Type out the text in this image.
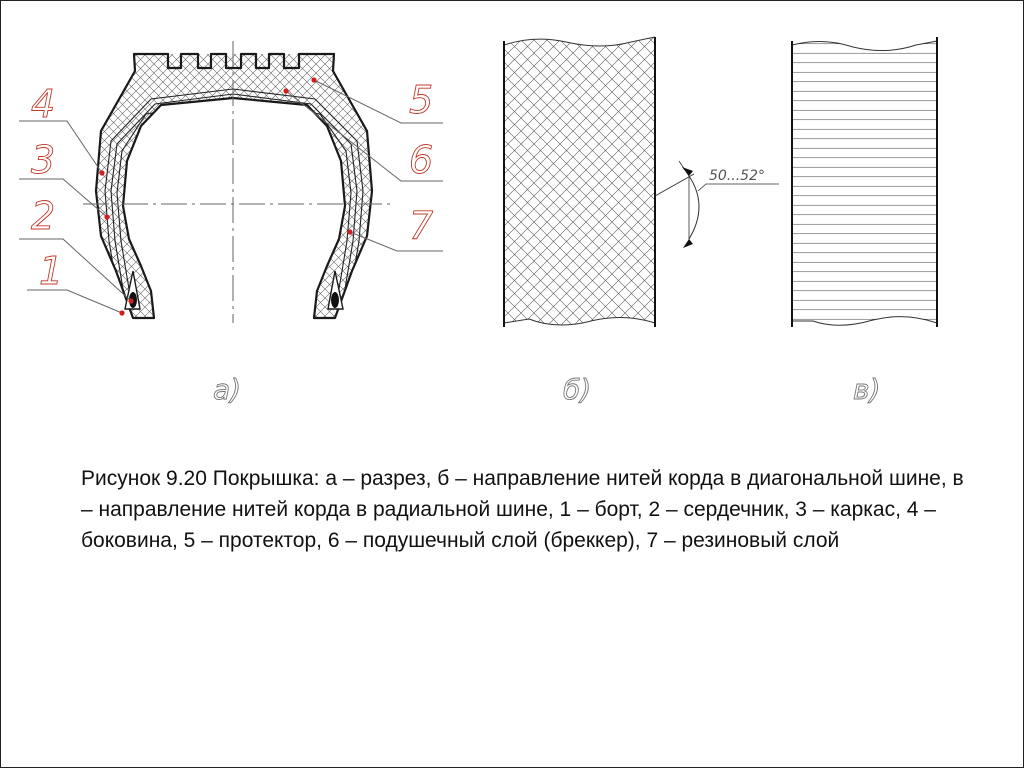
4
3
2
1
5
6
7
50...52°
а)	б)	в)

Рисунок 9.20 Покрышка: а – разрез, б – направление нитей корда в диагональной шине, в – направление нитей корда в радиальной шине, 1 – борт, 2 – сердечник, 3 – каркас, 4 – боковина, 5 – протектор, 6 – подушечный слой (бреккер), 7 – резиновый слой
